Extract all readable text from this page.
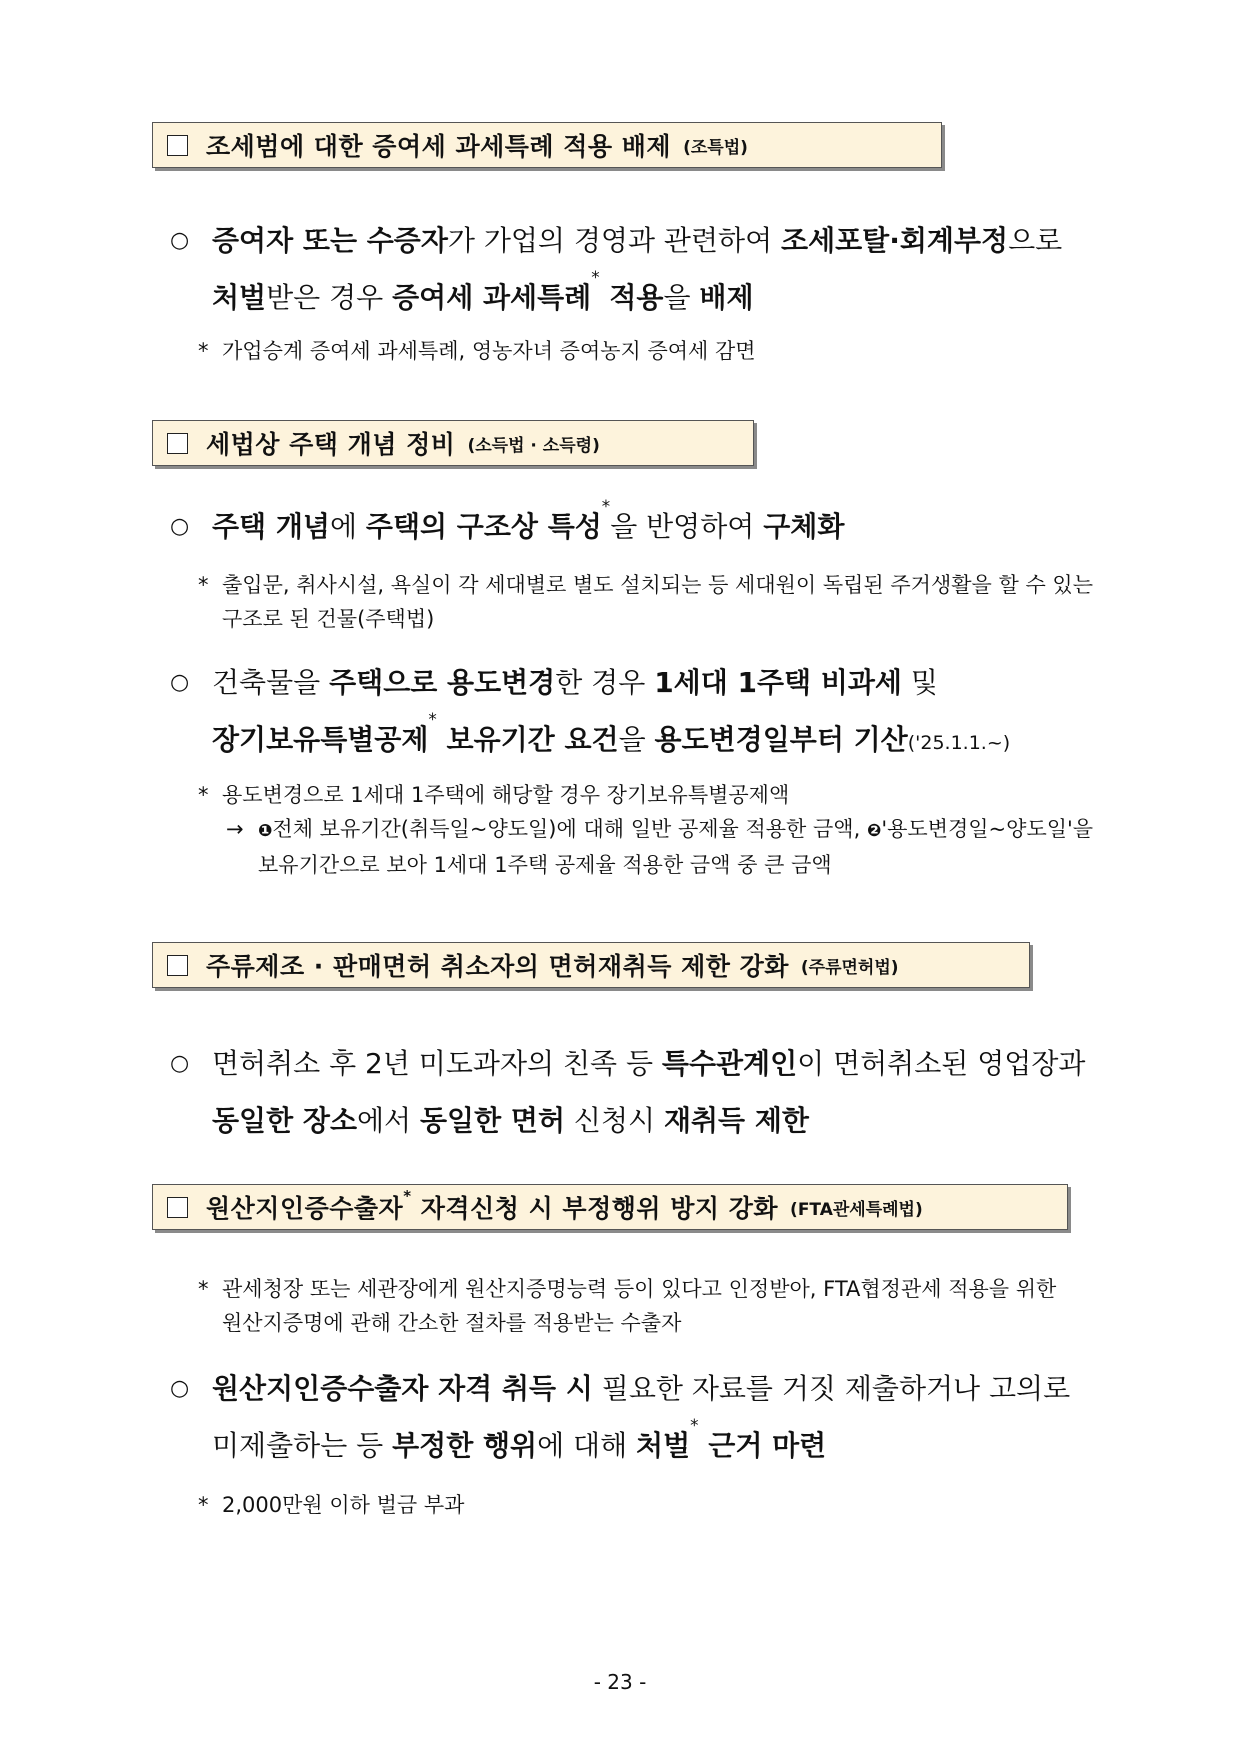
조세범에 대한 증여세 과세특례 적용 배제 (조특법)
○ 증여자 또는 수증자가 가업의 경영과 관련하여 조세포탈·회계부정으로 처벌받은 경우 증여세 과세특례* 적용을 배제
* 가업승계 증여세 과세특례, 영농자녀 증여농지 증여세 감면
세법상 주택 개념 정비 (소득법 · 소득령)
○ 주택 개념에 주택의 구조상 특성*을 반영하여 구체화
* 출입문, 취사시설, 욕실이 각 세대별로 별도 설치되는 등 세대원이 독립된 주거생활을 할 수 있는 구조로 된 건물(주택법)
○ 건축물을 주택으로 용도변경한 경우 1세대 1주택 비과세 및 장기보유특별공제* 보유기간 요건을 용도변경일부터 기산('25.1.1.~)
* 용도변경으로 1세대 1주택에 해당할 경우 장기보유특별공제액
→ ❶전체 보유기간(취득일~양도일)에 대해 일반 공제율 적용한 금액, ❷'용도변경일~양도일'을 보유기간으로 보아 1세대 1주택 공제율 적용한 금액 중 큰 금액
주류제조 · 판매면허 취소자의 면허재취득 제한 강화 (주류면허법)
○ 면허취소 후 2년 미도과자의 친족 등 특수관계인이 면허취소된 영업장과 동일한 장소에서 동일한 면허 신청시 재취득 제한
원산지인증수출자* 자격신청 시 부정행위 방지 강화 (FTA관세특례법)
* 관세청장 또는 세관장에게 원산지증명능력 등이 있다고 인정받아, FTA협정관세 적용을 위한 원산지증명에 관해 간소한 절차를 적용받는 수출자
○ 원산지인증수출자 자격 취득 시 필요한 자료를 거짓 제출하거나 고의로 미제출하는 등 부정한 행위에 대해 처벌* 근거 마련
* 2,000만원 이하 벌금 부과
- 23 -
